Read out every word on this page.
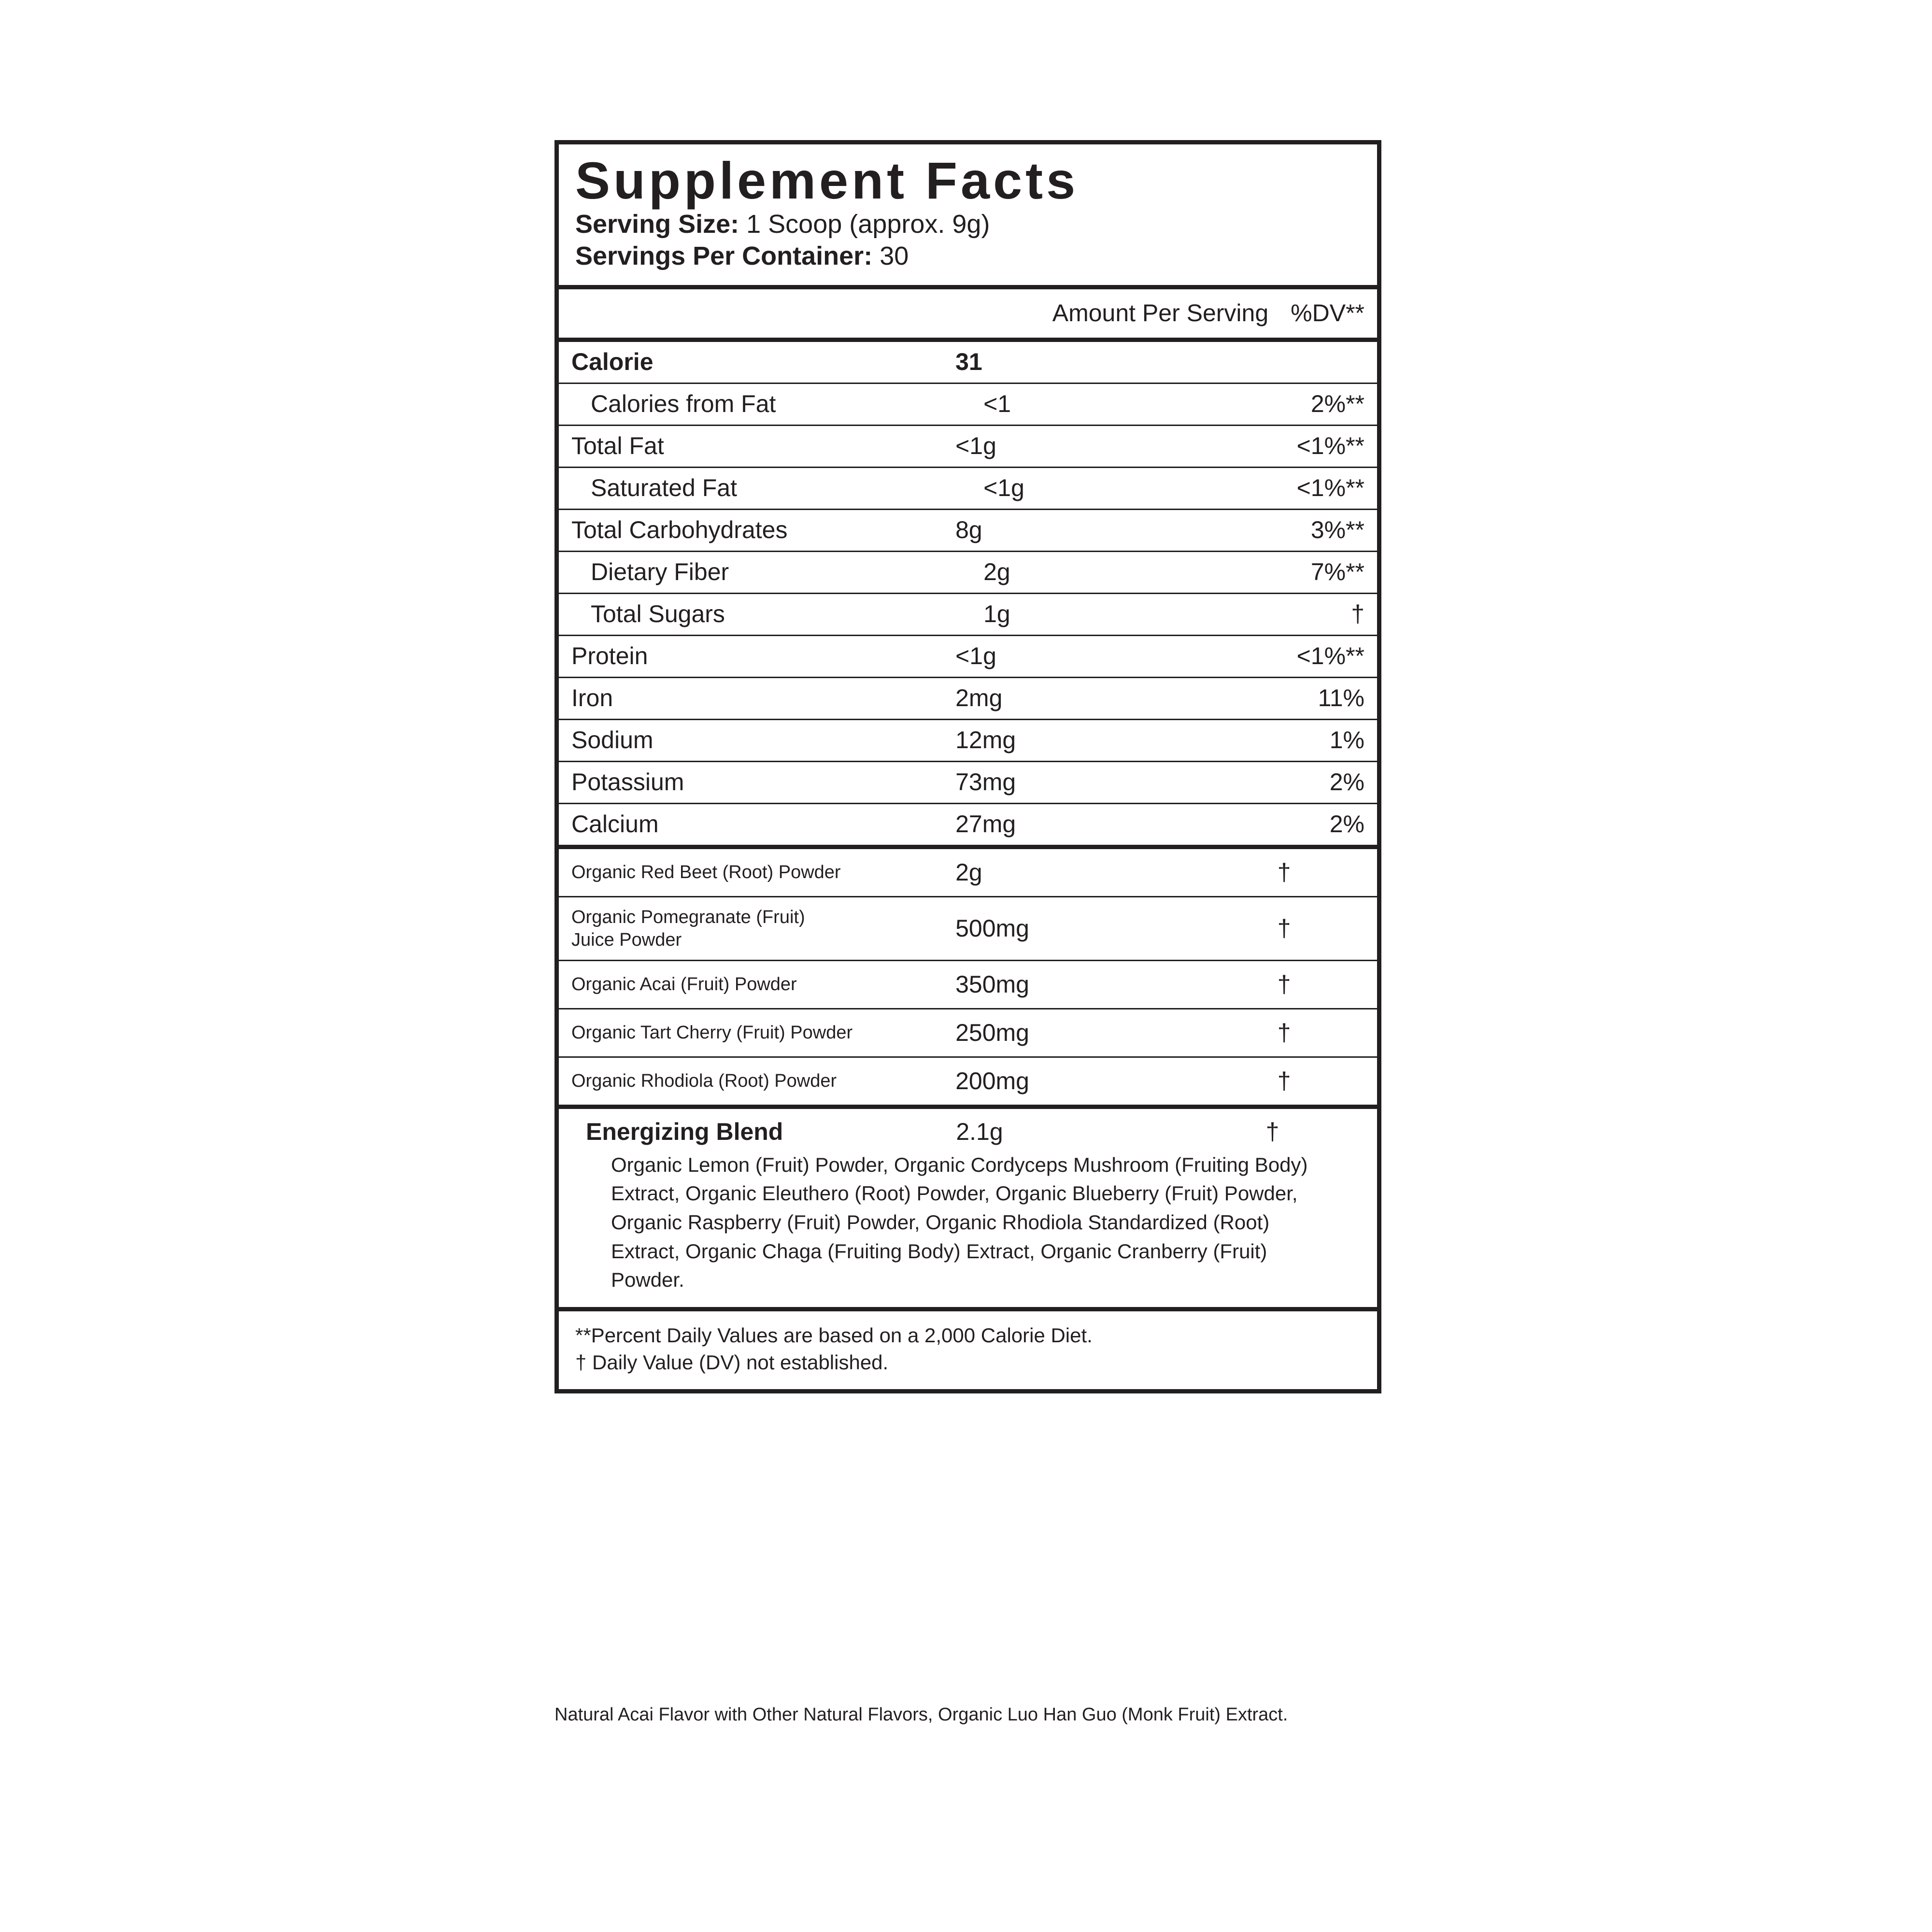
Supplement Facts
Serving Size: 1 Scoop (approx. 9g)
Servings Per Container: 30
Amount Per Serving %DV**
Calorie	31	

Calories from Fat	<1	2%**

Total Fat	<1g	<1%**

Saturated Fat	<1g	<1%**

Total Carbohydrates	8g	3%**

Dietary Fiber	2g	7%**

Total Sugars	1g	†

Protein	<1g	<1%**

Iron	2mg	11%

Sodium	12mg	1%

Potassium	73mg	2%

Calcium	27mg	2%
Organic Red Beet (Root) Powder	2g	†

Organic Pomegranate (Fruit)
Juice Powder	500mg	†

Organic Acai (Fruit) Powder	350mg	†

Organic Tart Cherry (Fruit) Powder	250mg	†

Organic Rhodiola (Root) Powder	200mg	†
Energizing Blend	2.1g	†
Organic Lemon (Fruit) Powder, Organic Cordyceps Mushroom (Fruiting Body) Extract, Organic Eleuthero (Root) Powder, Organic Blueberry (Fruit) Powder, Organic Raspberry (Fruit) Powder, Organic Rhodiola Standardized (Root) Extract, Organic Chaga (Fruiting Body) Extract, Organic Cranberry (Fruit) Powder.
**Percent Daily Values are based on a 2,000 Calorie Diet.
† Daily Value (DV) not established.
Natural Acai Flavor with Other Natural Flavors, Organic Luo Han Guo (Monk Fruit) Extract.
